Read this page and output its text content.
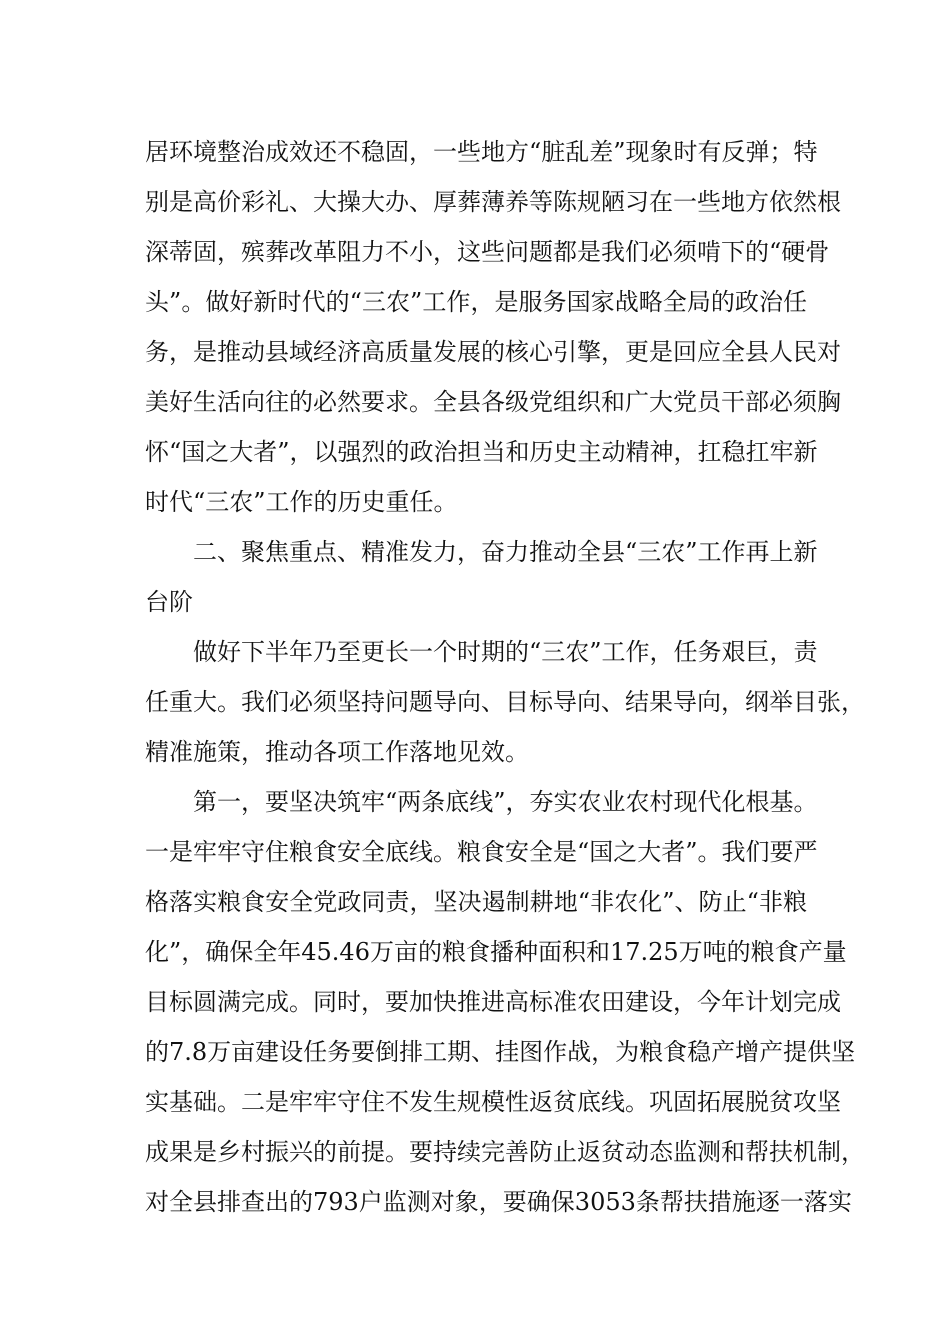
居环境整治成效还不稳固，一些地方“脏乱差”现象时有反弹；特
别是高价彩礼、大操大办、厚葬薄养等陈规陋习在一些地方依然根
深蒂固，殡葬改革阻力不小，这些问题都是我们必须啃下的“硬骨
头”。做好新时代的“三农”工作，是服务国家战略全局的政治任
务，是推动县域经济高质量发展的核心引擎，更是回应全县人民对
美好生活向往的必然要求。全县各级党组织和广大党员干部必须胸
怀“国之大者”，以强烈的政治担当和历史主动精神，扛稳扛牢新
时代“三农”工作的历史重任。
二、聚焦重点、精准发力，奋力推动全县“三农”工作再上新
台阶
做好下半年乃至更长一个时期的“三农”工作，任务艰巨，责
任重大。我们必须坚持问题导向、目标导向、结果导向，纲举目张，
精准施策，推动各项工作落地见效。
第一，要坚决筑牢“两条底线”，夯实农业农村现代化根基。
一是牢牢守住粮食安全底线。粮食安全是“国之大者”。我们要严
格落实粮食安全党政同责，坚决遏制耕地“非农化”、防止“非粮
化”，确保全年45.46万亩的粮食播种面积和17.25万吨的粮食产量
目标圆满完成。同时，要加快推进高标准农田建设，今年计划完成
的7.8万亩建设任务要倒排工期、挂图作战，为粮食稳产增产提供坚
实基础。二是牢牢守住不发生规模性返贫底线。巩固拓展脱贫攻坚
成果是乡村振兴的前提。要持续完善防止返贫动态监测和帮扶机制，
对全县排查出的793户监测对象，要确保3053条帮扶措施逐一落实
